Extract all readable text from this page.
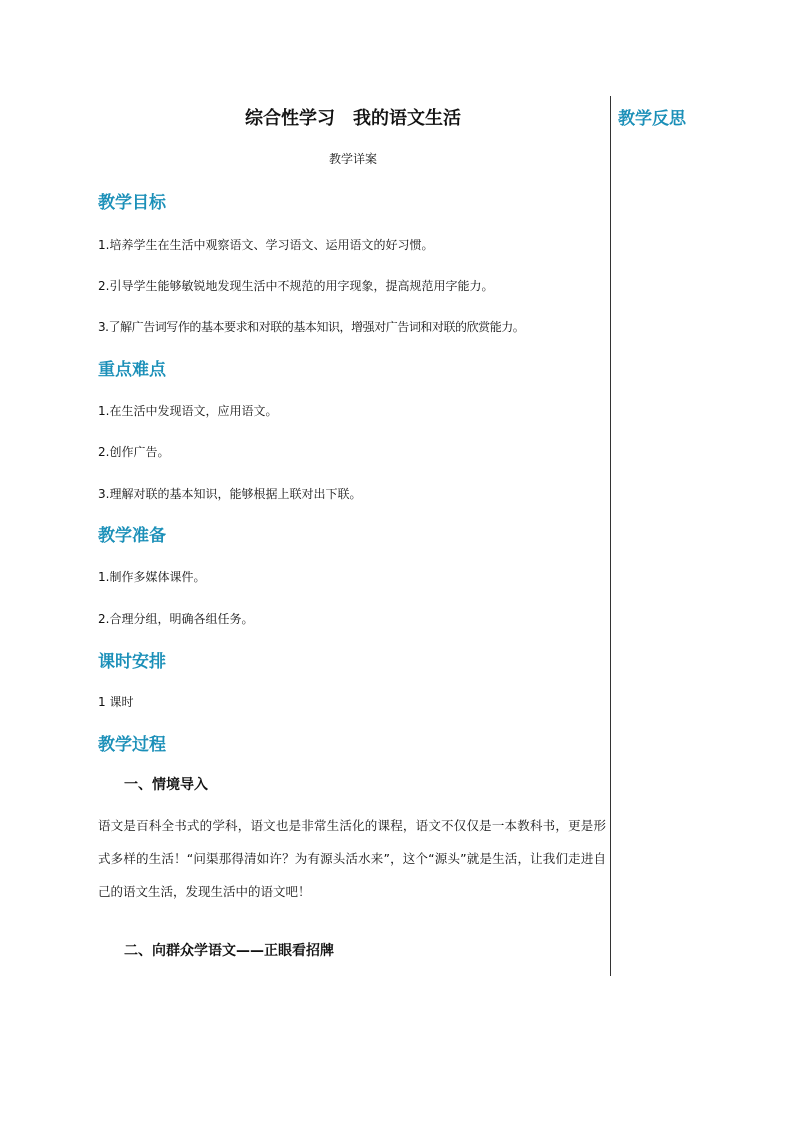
综合性学习　我的语文生活

教学详案

教学目标

1.培养学生在生活中观察语文、学习语文、运用语文的好习惯。

2.引导学生能够敏锐地发现生活中不规范的用字现象，提高规范用字能力。

3.了解广告词写作的基本要求和对联的基本知识，增强对广告词和对联的欣赏能力。

重点难点

1.在生活中发现语文，应用语文。

2.创作广告。

3.理解对联的基本知识，能够根据上联对出下联。

教学准备

1.制作多媒体课件。

2.合理分组，明确各组任务。

课时安排

1 课时

教学过程
一、情境导入

语文是百科全书式的学科，语文也是非常生活化的课程，语文不仅仅是一本教科书，更是形式多样的生活！“问渠那得清如许？为有源头活水来”，这个“源头”就是生活，让我们走进自己的语文生活，发现生活中的语文吧！

二、向群众学语文——正眼看招牌
教学反思
